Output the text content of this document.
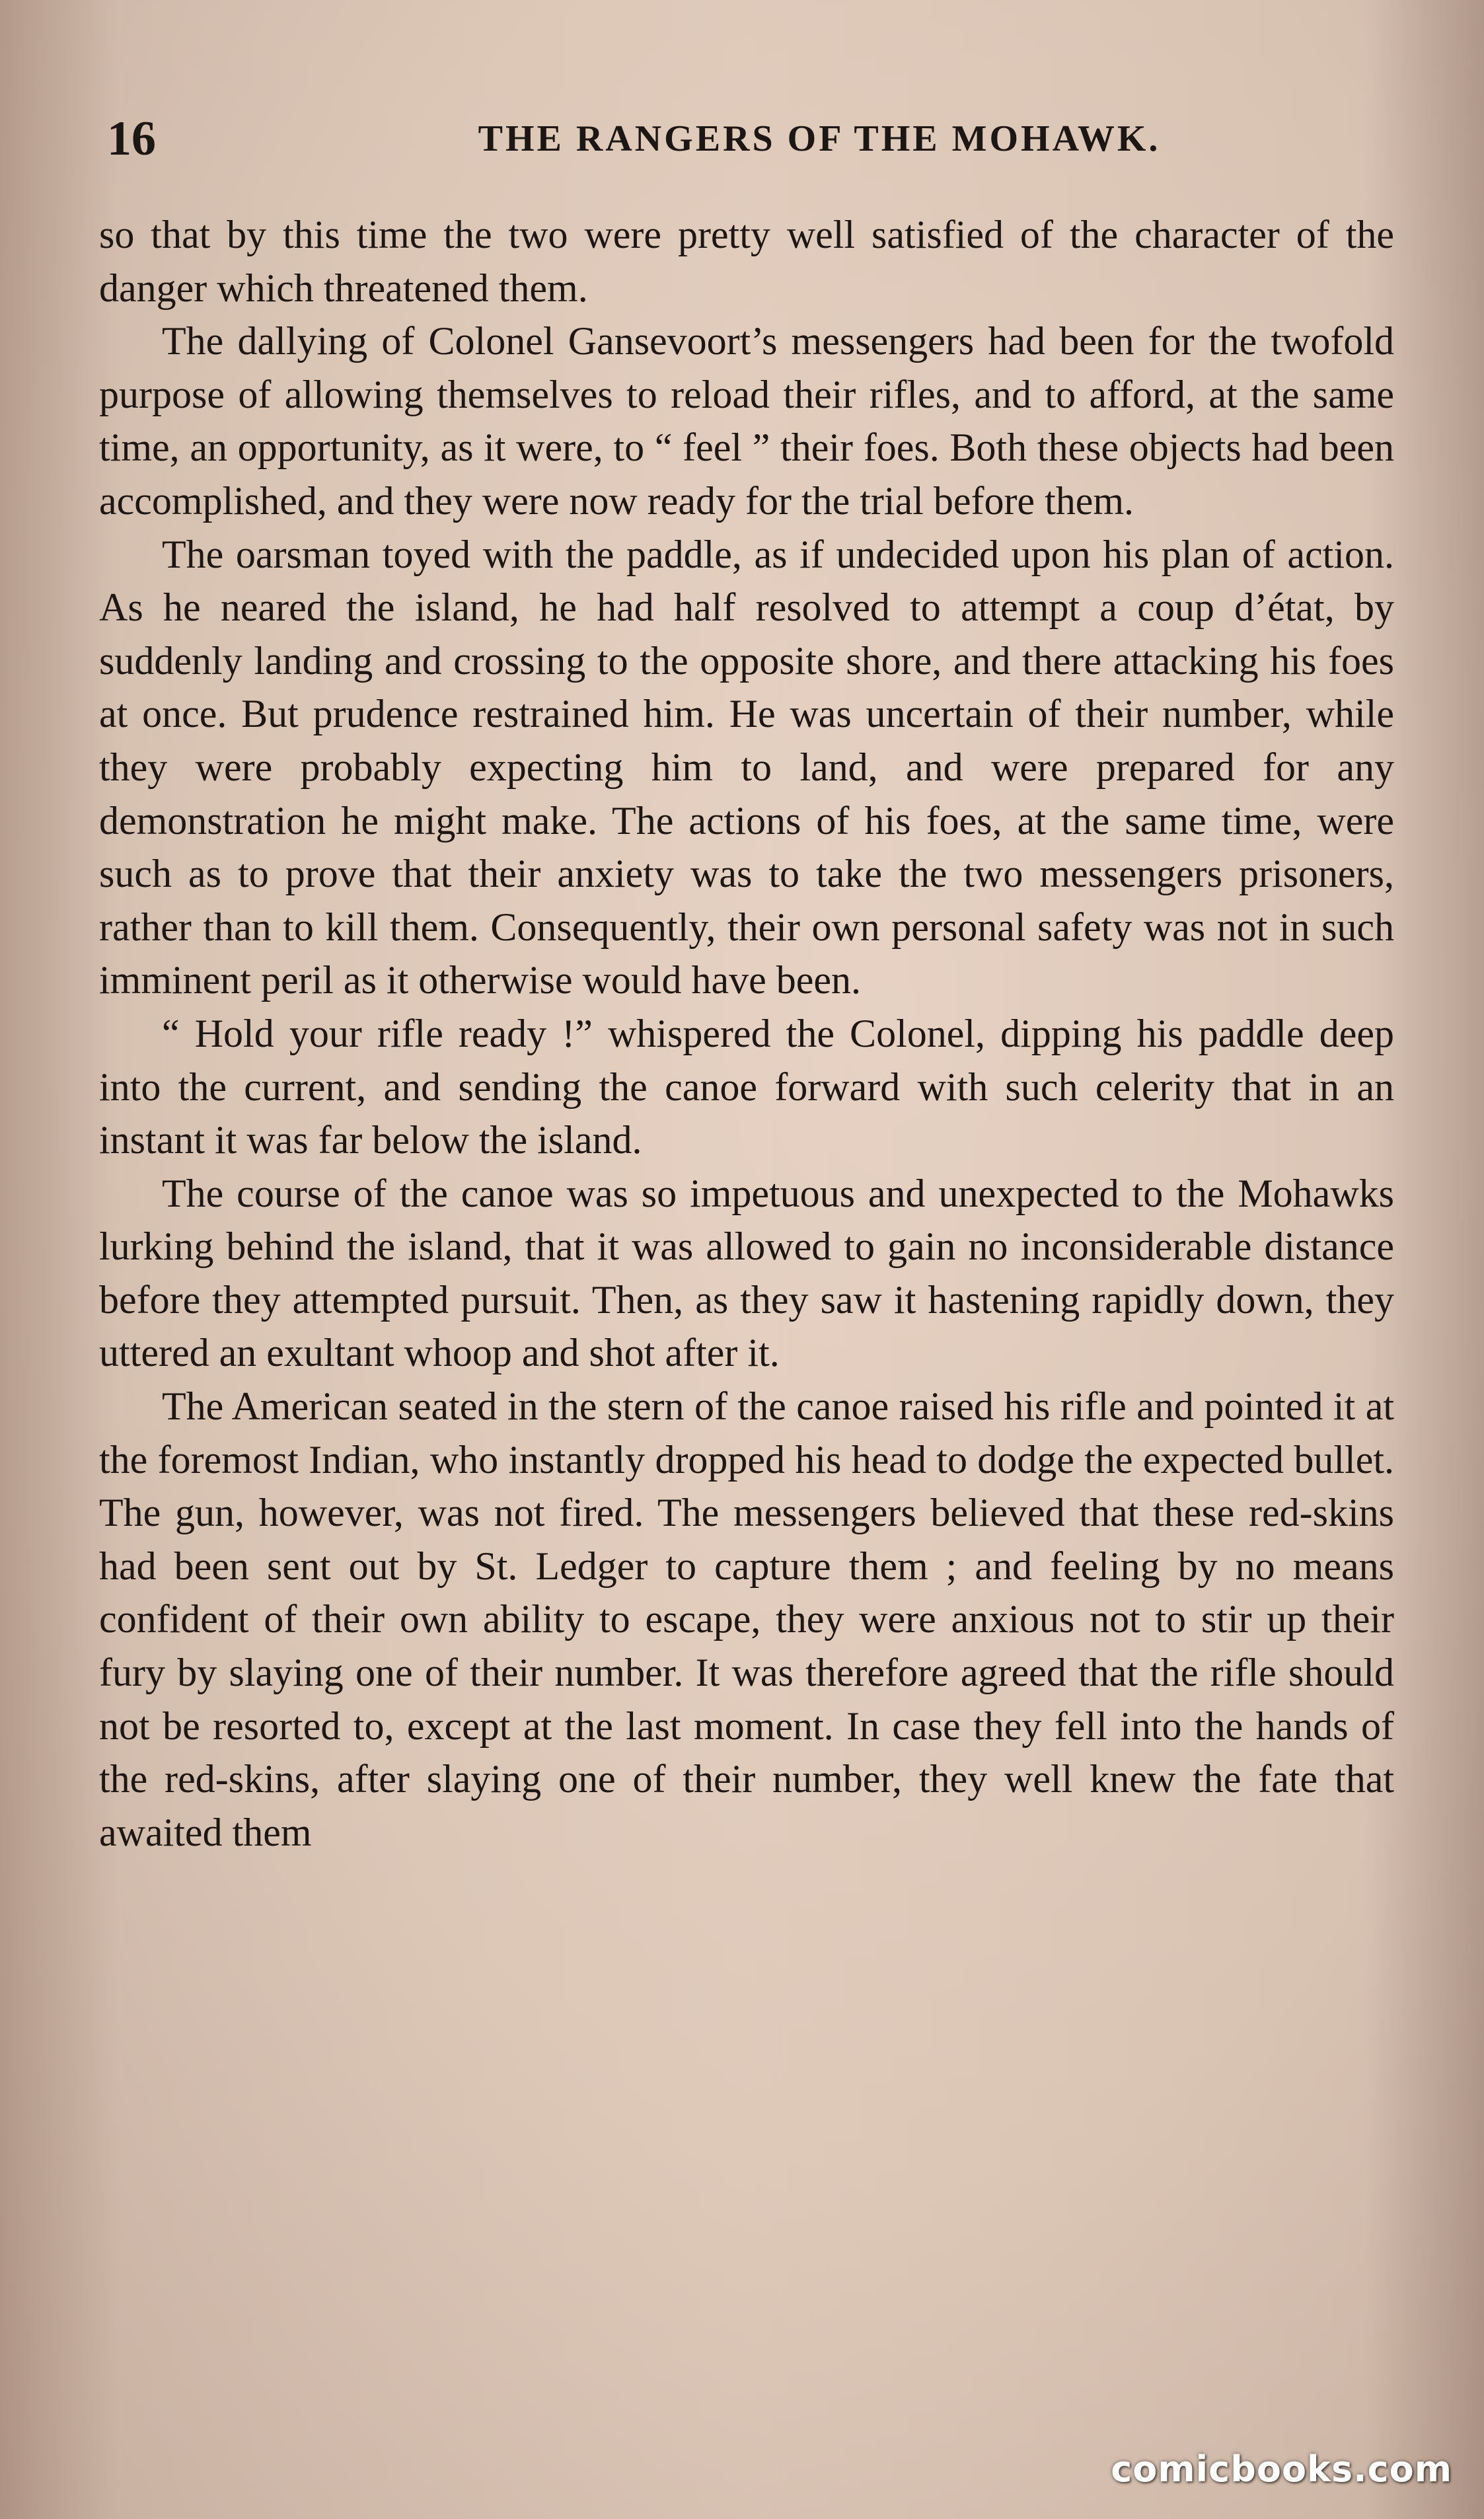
16	THE RANGERS OF THE MOHAWK.

so that by this time the two were pretty well satisfied of the character of the danger which threatened them.

The dallying of Colonel Gansevoort’s messengers had been for the twofold purpose of allowing themselves to reload their rifles, and to afford, at the same time, an opportunity, as it were, to “ feel ” their foes. Both these objects had been accomplished, and they were now ready for the trial before them.

The oarsman toyed with the paddle, as if undecided upon his plan of action. As he neared the island, he had half resolved to attempt a coup d’état, by suddenly landing and crossing to the opposite shore, and there attacking his foes at once. But prudence restrained him. He was uncertain of their number, while they were probably expecting him to land, and were prepared for any demonstration he might make. The actions of his foes, at the same time, were such as to prove that their anxiety was to take the two messengers prisoners, rather than to kill them. Consequently, their own personal safety was not in such imminent peril as it otherwise would have been.

“ Hold your rifle ready !” whispered the Colonel, dipping his paddle deep into the current, and sending the canoe forward with such celerity that in an instant it was far below the island.

The course of the canoe was so impetuous and unexpected to the Mohawks lurking behind the island, that it was allowed to gain no inconsiderable distance before they attempted pursuit. Then, as they saw it hastening rapidly down, they uttered an exultant whoop and shot after it.

The American seated in the stern of the canoe raised his rifle and pointed it at the foremost Indian, who instantly dropped his head to dodge the expected bullet. The gun, however, was not fired. The messengers believed that these red-skins had been sent out by St. Ledger to capture them ; and feeling by no means confident of their own ability to escape, they were anxious not to stir up their fury by slaying one of their number. It was therefore agreed that the rifle should not be resorted to, except at the last moment. In case they fell into the hands of the red-skins, after slaying one of their number, they well knew the fate that awaited them

comicbooks.com
